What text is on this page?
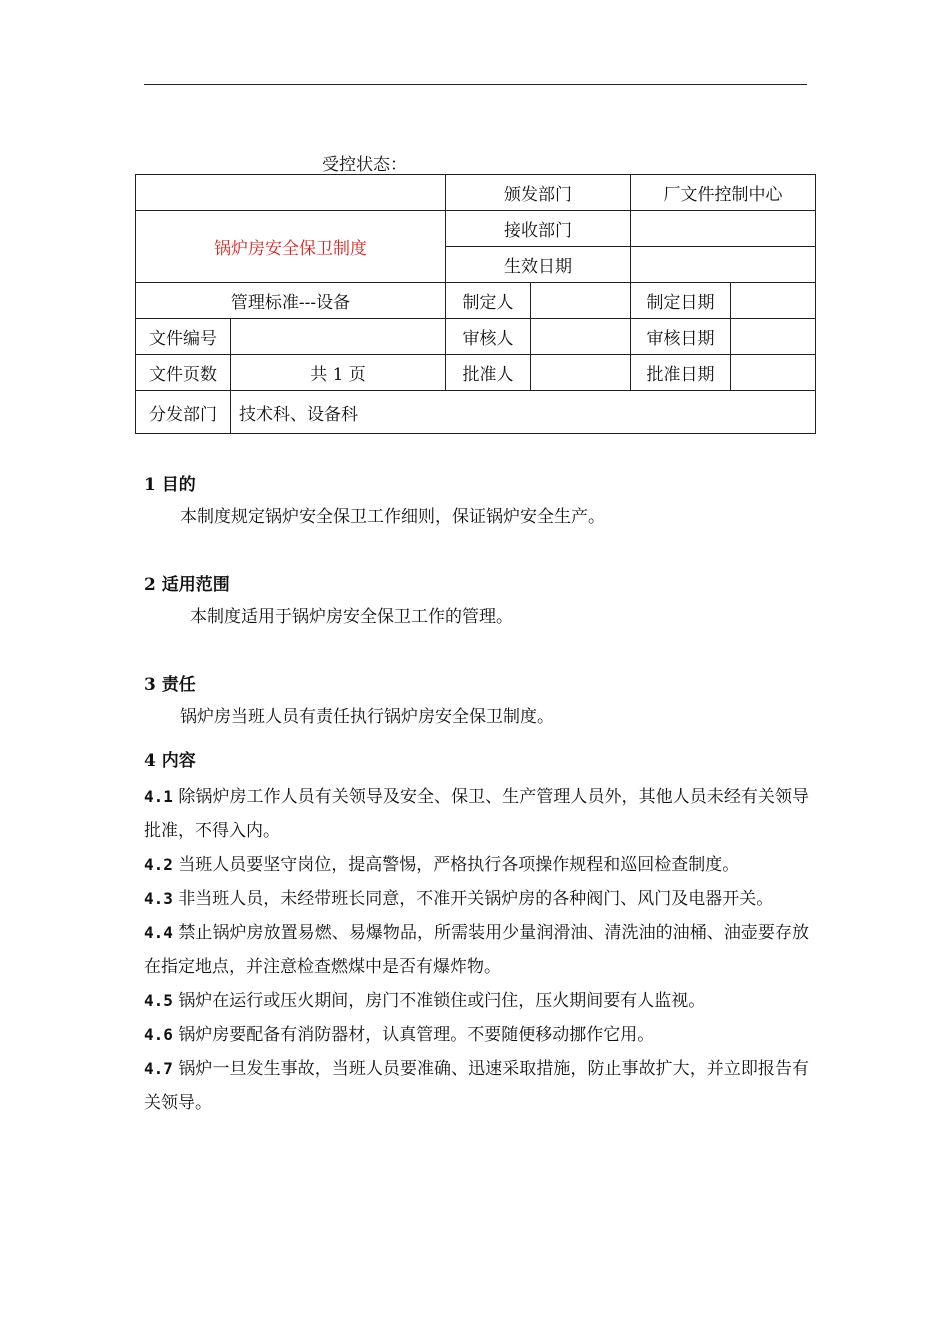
受控状态：
		颁发部门		厂文件控制中心	
锅炉房安全保卫制度		接收部门			
		生效日期			
管理标准---设备		制定人		制定日期	
文件编号		审核人		审核日期	
文件页数	共 1 页	批准人		批准日期	
分发部门	技术科、设备科				
1 目的
本制度规定锅炉安全保卫工作细则，保证锅炉安全生产。
2 适用范围
本制度适用于锅炉房安全保卫工作的管理。
3 责任
锅炉房当班人员有责任执行锅炉房安全保卫制度。
4 内容
4.1 除锅炉房工作人员有关领导及安全、保卫、生产管理人员外，其他人员未经有关领导批准，不得入内。
4.2 当班人员要坚守岗位，提高警惕，严格执行各项操作规程和巡回检查制度。
4.3 非当班人员，未经带班长同意，不准开关锅炉房的各种阀门、风门及电器开关。
4.4 禁止锅炉房放置易燃、易爆物品，所需装用少量润滑油、清洗油的油桶、油壶要存放在指定地点，并注意检查燃煤中是否有爆炸物。
4.5 锅炉在运行或压火期间，房门不准锁住或闩住，压火期间要有人监视。
4.6 锅炉房要配备有消防器材，认真管理。不要随便移动挪作它用。
4.7 锅炉一旦发生事故，当班人员要准确、迅速采取措施，防止事故扩大，并立即报告有关领导。
